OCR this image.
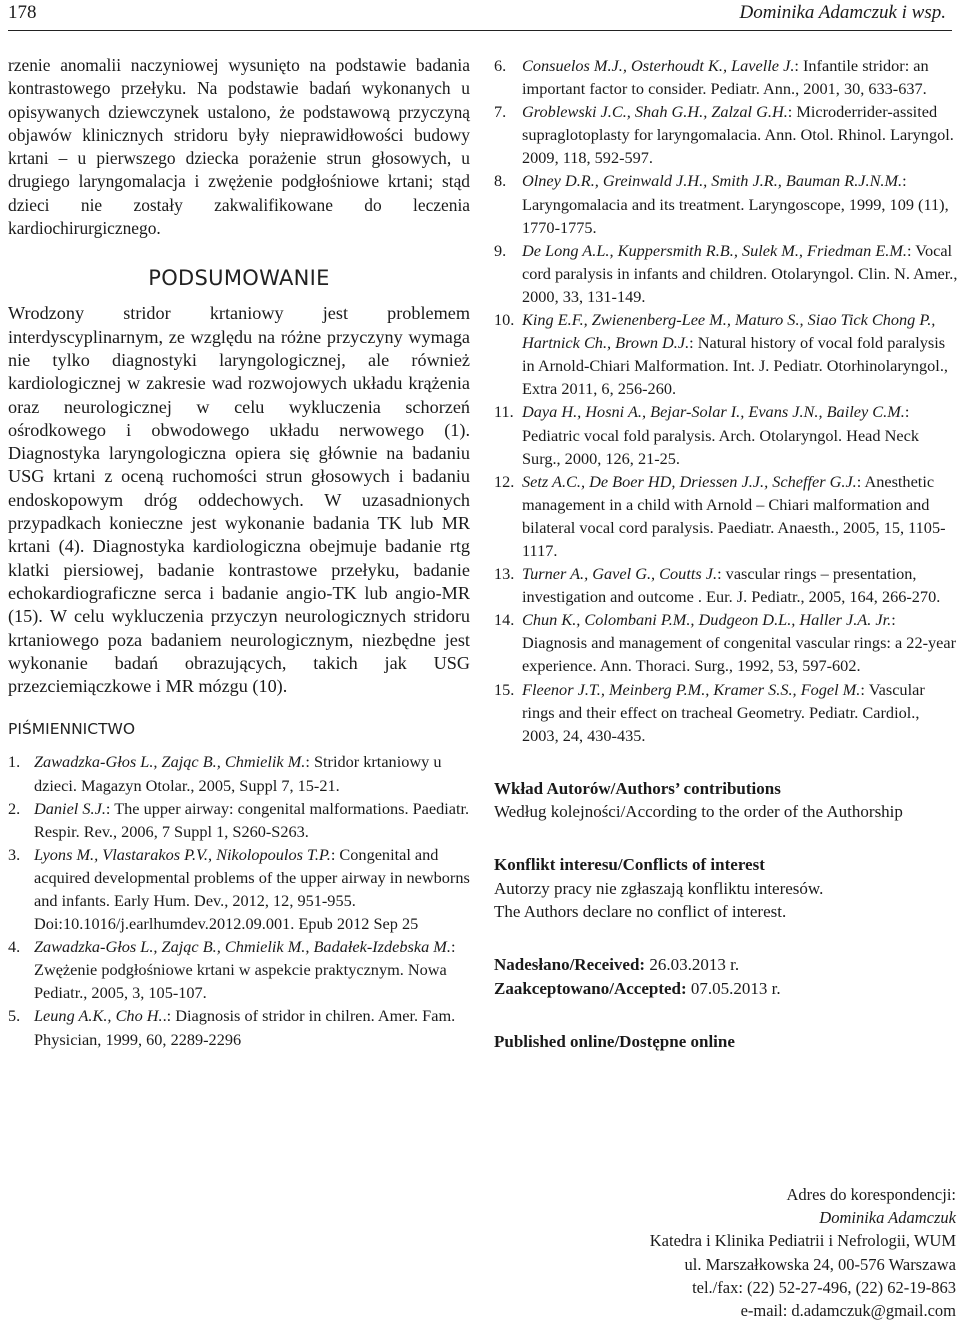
178	Dominika Adamczuk i wsp.

rzenie anomalii naczyniowej wysunięto na podstawie badania kontrastowego przełyku. Na podstawie badań wykonanych u opisywanych dziewczynek ustalono, że podstawową przyczyną objawów klinicznych stridoru były nieprawidłowości budowy krtani – u pierwszego dziecka porażenie strun głosowych, u drugiego laryngomalacja i zwężenie podgłośniowe krtani; stąd dzieci nie zostały zakwalifikowane do leczenia kardiochirurgicznego.

PODSUMOWANIE

Wrodzony stridor krtaniowy jest problemem interdyscyplinarnym, ze względu na różne przyczyny wymaga nie tylko diagnostyki laryngologicznej, ale również kardiologicznej w zakresie wad rozwojowych układu krążenia oraz neurologicznej w celu wykluczenia schorzeń ośrodkowego i obwodowego układu nerwowego (1). Diagnostyka laryngologiczna opiera się głównie na badaniu USG krtani z oceną ruchomości strun głosowych i badaniu endoskopowym dróg oddechowych. W uzasadnionych przypadkach konieczne jest wykonanie badania TK lub MR krtani (4). Diagnostyka kardiologiczna obejmuje badanie rtg klatki piersiowej, badanie kontrastowe przełyku, badanie echokardiograficzne serca i badanie angio-TK lub angio-MR (15). W celu wykluczenia przyczyn neurologicznych stridoru krtaniowego poza badaniem neurologicznym, niezbędne jest wykonanie badań obrazujących, takich jak USG przezciemiączkowe i MR mózgu (10).

PIŚMIENNICTWO
1. Zawadzka-Głos L., Zając B., Chmielik M.: Stridor krtaniowy u dzieci. Magazyn Otolar., 2005, Suppl 7, 15-21.
2. Daniel S.J.: The upper airway: congenital malformations. Paediatr. Respir. Rev., 2006, 7 Suppl 1, S260-S263.
3. Lyons M., Vlastarakos P.V., Nikolopoulos T.P.: Congenital and acquired developmental problems of the upper airway in newborns and infants. Early Hum. Dev., 2012, 12, 951-955. Doi:10.1016/j.earlhumdev.2012.09.001. Epub 2012 Sep 25
4. Zawadzka-Głos L., Zając B., Chmielik M., Badałek-Izdebska M.: Zwężenie podgłośniowe krtani w aspekcie praktycznym. Nowa Pediatr., 2005, 3, 105-107.
5. Leung A.K., Cho H..: Diagnosis of stridor in chilren. Amer. Fam. Physician, 1999, 60, 2289-2296
6. Consuelos M.J., Osterhoudt K., Lavelle J.: Infantile stridor: an important factor to consider. Pediatr. Ann., 2001, 30, 633-637.
7. Groblewski J.C., Shah G.H., Zalzal G.H.: Microderrider-assited supraglotoplasty for laryngomalacia. Ann. Otol. Rhinol. Laryngol. 2009, 118, 592-597.
8. Olney D.R., Greinwald J.H., Smith J.R., Bauman R.J.N.M.: Laryngomalacia and its treatment. Laryngoscope, 1999, 109 (11), 1770-1775.
9. De Long A.L., Kuppersmith R.B., Sulek M., Friedman E.M.: Vocal cord paralysis in infants and children. Otolaryngol. Clin. N. Amer., 2000, 33, 131-149.
10. King E.F., Zwienenberg-Lee M., Maturo S., Siao Tick Chong P., Hartnick Ch., Brown D.J.: Natural history of vocal fold paralysis in Arnold-Chiari Malformation. Int. J. Pediatr. Otorhinolaryngol., Extra 2011, 6, 256-260.
11. Daya H., Hosni A., Bejar-Solar I., Evans J.N., Bailey C.M.: Pediatric vocal fold paralysis. Arch. Otolaryngol. Head Neck Surg., 2000, 126, 21-25.
12. Setz A.C., De Boer HD, Driessen J.J., Scheffer G.J.: Anesthetic management in a child with Arnold – Chiari malformation and bilateral vocal cord paralysis. Paediatr. Anaesth., 2005, 15, 1105-1117.
13. Turner A., Gavel G., Coutts J.: vascular rings – presentation, investigation and outcome . Eur. J. Pediatr., 2005, 164, 266-270.
14. Chun K., Colombani P.M., Dudgeon D.L., Haller J.A. Jr.: Diagnosis and management of congenital vascular rings: a 22-year experience. Ann. Thoraci. Surg., 1992, 53, 597-602.
15. Fleenor J.T., Meinberg P.M., Kramer S.S., Fogel M.: Vascular rings and their effect on tracheal Geometry. Pediatr. Cardiol., 2003, 24, 430-435.

Wkład Autorów/Authors’ contributions

Według kolejności/According to the order of the Authorship

Konflikt interesu/Conflicts of interest

Autorzy pracy nie zgłaszają konfliktu interesów.

The Authors declare no conflict of interest.

Nadesłano/Received: 26.03.2013 r.

Zaakceptowano/Accepted: 07.05.2013 r.

Published online/Dostępne online

Adres do korespondencji:

Dominika Adamczuk

Katedra i Klinika Pediatrii i Nefrologii, WUM

ul. Marszałkowska 24, 00-576 Warszawa

tel./fax: (22) 52-27-496, (22) 62-19-863

e-mail: d.adamczuk@gmail.com
